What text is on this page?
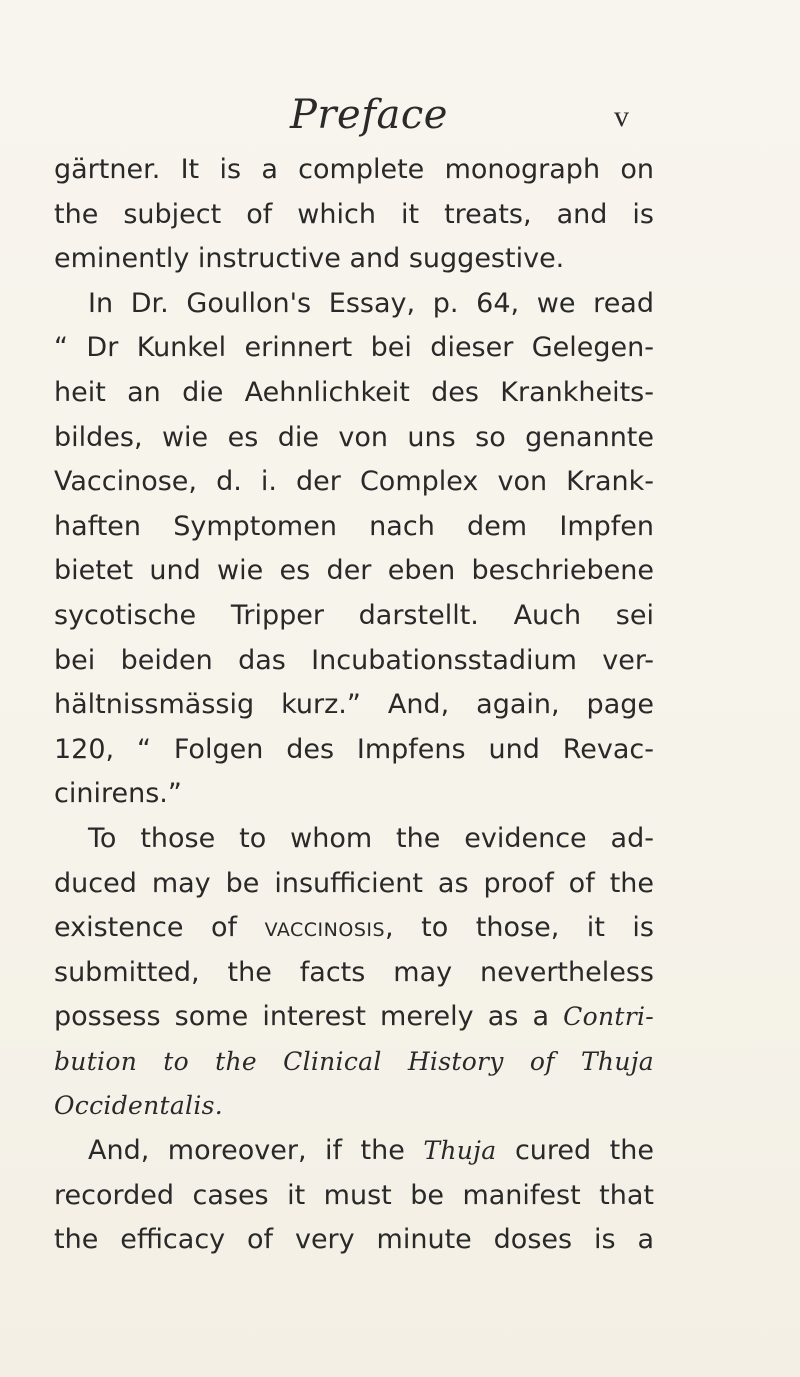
Preface	v
gärtner. It is a complete monograph on
the subject of which it treats, and is
eminently instructive and suggestive.
In Dr. Goullon's Essay, p. 64, we read
“ Dr Kunkel erinnert bei dieser Gelegen-
heit an die Aehnlichkeit des Krankheits-
bildes, wie es die von uns so genannte
Vaccinose, d. i. der Complex von Krank-
haften Symptomen nach dem Impfen
bietet und wie es der eben beschriebene
sycotische Tripper darstellt. Auch sei
bei beiden das Incubationsstadium ver-
hältnissmässig kurz.” And, again, page
120, “ Folgen des Impfens und Revac-
cinirens.”
To those to whom the evidence ad-
duced may be insufficient as proof of the
existence of vaccinosis, to those, it is
submitted, the facts may nevertheless
possess some interest merely as a Contri-
bution to the Clinical History of Thuja
Occidentalis.
And, moreover, if the Thuja cured the
recorded cases it must be manifest that
the efficacy of very minute doses is a
